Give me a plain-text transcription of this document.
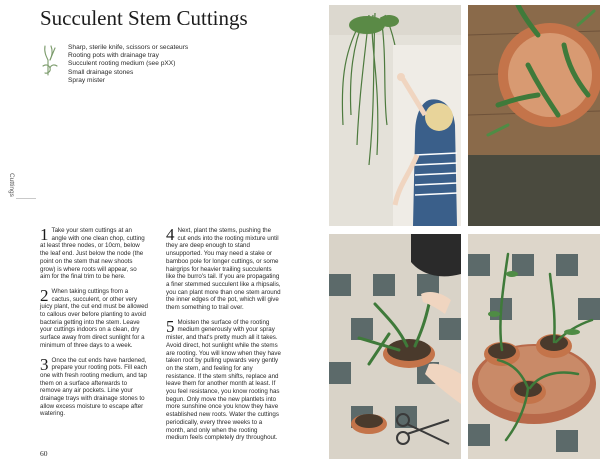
Succulent Stem Cuttings
Sharp, sterile knife, scissors or secateurs
Rooting pots with drainage tray
Succulent rooting medium (see pXX)
Small drainage stones
Spray mister
Cuttings
1 Take your stem cuttings at an angle with one clean chop, cutting at least three nodes, or 10cm, below the leaf end. Just below the node (the point on the stem that new shoots grow) is where roots will appear, so aim for the final trim to be here.
2 When taking cuttings from a cactus, succulent, or other very juicy plant, the cut end must be allowed to callous over before planting to avoid bacteria getting into the stem. Leave your cuttings indoors on a clean, dry surface away from direct sunlight for a minimum of three days to a week.
3 Once the cut ends have hardened, prepare your rooting pots. Fill each one with fresh rooting medium, and tap them on a surface afterwards to remove any air pockets. Line your drainage trays with drainage stones to allow excess moisture to escape after watering.
4 Next, plant the stems, pushing the cut ends into the rooting mixture until they are deep enough to stand unsupported. You may need a stake or bamboo pole for longer cuttings, or some hairgrips for heavier trailing succulents like the burro's tail. If you are propagating a finer stemmed succulent like a rhipsalis, you can plant more than one stem around the inner edges of the pot, which will give them something to trail over.
5 Moisten the surface of the rooting medium generously with your spray mister, and that's pretty much all it takes. Avoid direct, hot sunlight while the stems are rooting. You will know when they have taken root by pulling upwards very gently on the stem, and feeling for any resistance. If the stem shifts, replace and leave them for another month at least. If you feel resistance, you know rooting has begun. Only move the new plantlets into more sunshine once you know they have established new roots. Water the cuttings periodically, every three weeks to a month, and only when the rooting medium feels completely dry throughout.
60
